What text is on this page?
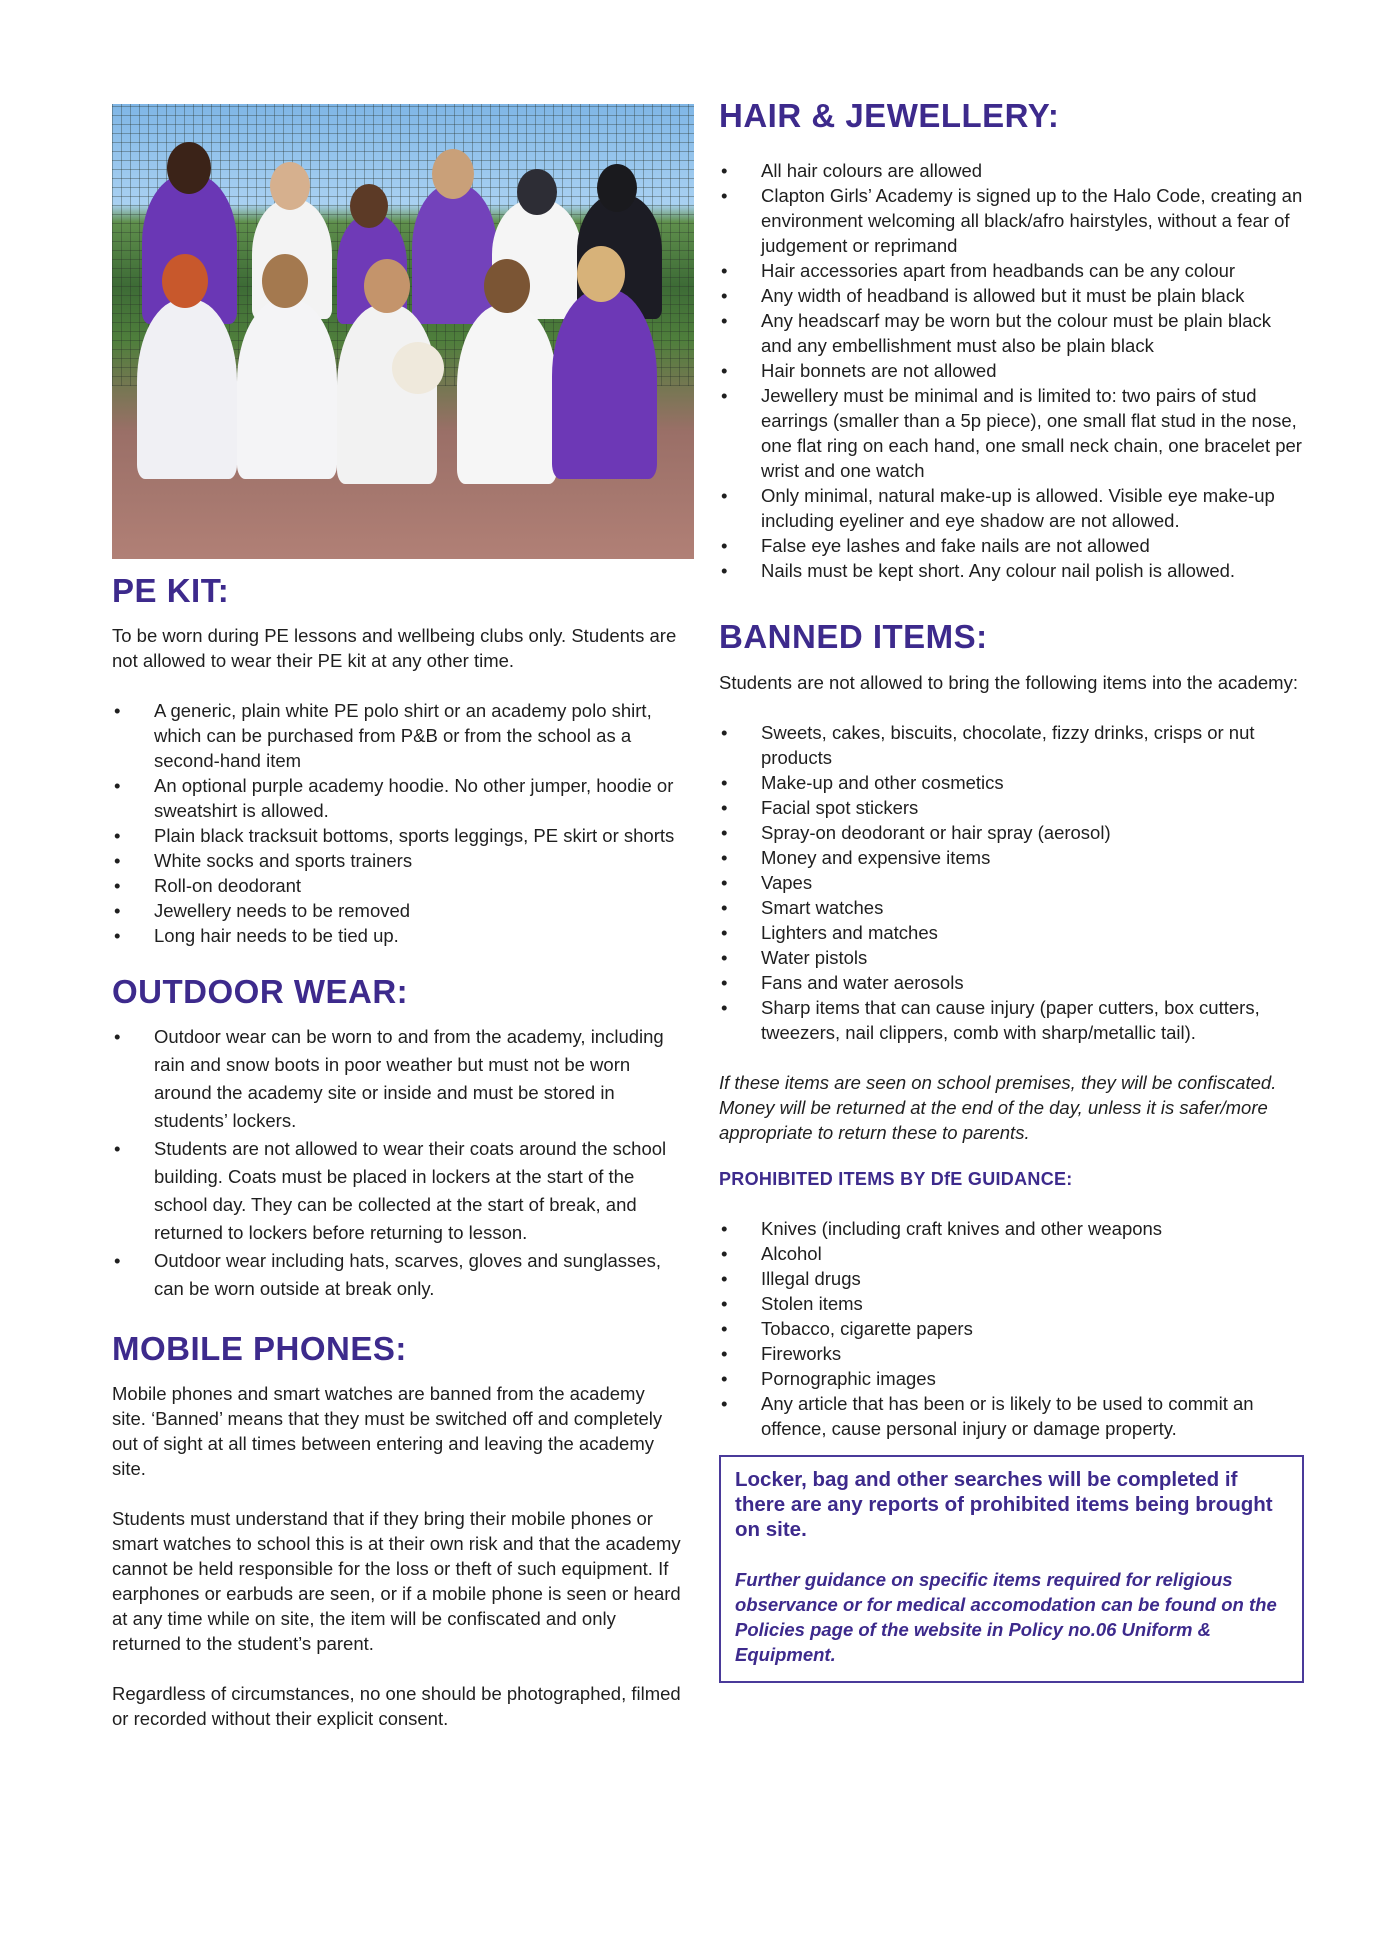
PE KIT:

To be worn during PE lessons and wellbeing clubs only. Students are not allowed to wear their PE kit at any other time.

• A generic, plain white PE polo shirt or an academy polo shirt, which can be purchased from P&B or from the school as a second-hand item
• An optional purple academy hoodie. No other jumper, hoodie or sweatshirt is allowed.
• Plain black tracksuit bottoms, sports leggings, PE skirt or shorts
• White socks and sports trainers
• Roll-on deodorant
• Jewellery needs to be removed
• Long hair needs to be tied up.
OUTDOOR WEAR:
• Outdoor wear can be worn to and from the academy, including rain and snow boots in poor weather but must not be worn around the academy site or inside and must be stored in students’ lockers.
• Students are not allowed to wear their coats around the school building. Coats must be placed in lockers at the start of the school day. They can be collected at the start of break, and returned to lockers before returning to lesson.
• Outdoor wear including hats, scarves, gloves and sunglasses, can be worn outside at break only.
MOBILE PHONES:

Mobile phones and smart watches are banned from the academy site. ‘Banned’ means that they must be switched off and completely out of sight at all times between entering and leaving the academy site.

Students must understand that if they bring their mobile phones or smart watches to school this is at their own risk and that the academy cannot be held responsible for the loss or theft of such equipment. If earphones or earbuds are seen, or if a mobile phone is seen or heard at any time while on site, the item will be confiscated and only returned to the student’s parent.

Regardless of circumstances, no one should be photographed, filmed or recorded without their explicit consent.

HAIR & JEWELLERY:
• All hair colours are allowed
• Clapton Girls’ Academy is signed up to the Halo Code, creating an environment welcoming all black/afro hairstyles, without a fear of judgement or reprimand
• Hair accessories apart from headbands can be any colour
• Any width of headband is allowed but it must be plain black
• Any headscarf may be worn but the colour must be plain black and any embellishment must also be plain black
• Hair bonnets are not allowed
• Jewellery must be minimal and is limited to: two pairs of stud earrings (smaller than a 5p piece), one small flat stud in the nose, one flat ring on each hand, one small neck chain, one bracelet per wrist and one watch
• Only minimal, natural make-up is allowed. Visible eye make-up including eyeliner and eye shadow are not allowed.
• False eye lashes and fake nails are not allowed
• Nails must be kept short. Any colour nail polish is allowed.
BANNED ITEMS:

Students are not allowed to bring the following items into the academy:

• Sweets, cakes, biscuits, chocolate, fizzy drinks, crisps or nut products
• Make-up and other cosmetics
• Facial spot stickers
• Spray-on deodorant or hair spray (aerosol)
• Money and expensive items
• Vapes
• Smart watches
• Lighters and matches
• Water pistols
• Fans and water aerosols
• Sharp items that can cause injury (paper cutters, box cutters, tweezers, nail clippers, comb with sharp/metallic tail).

If these items are seen on school premises, they will be confiscated. Money will be returned at the end of the day, unless it is safer/more appropriate to return these to parents.

PROHIBITED ITEMS BY DfE GUIDANCE:
• Knives (including craft knives and other weapons
• Alcohol
• Illegal drugs
• Stolen items
• Tobacco, cigarette papers
• Fireworks
• Pornographic images
• Any article that has been or is likely to be used to commit an offence, cause personal injury or damage property.
Locker, bag and other searches will be completed if there are any reports of prohibited items being brought on site.
Further guidance on specific items required for religious observance or for medical accomodation can be found on the Policies page of the website in Policy no.06 Uniform & Equipment.
